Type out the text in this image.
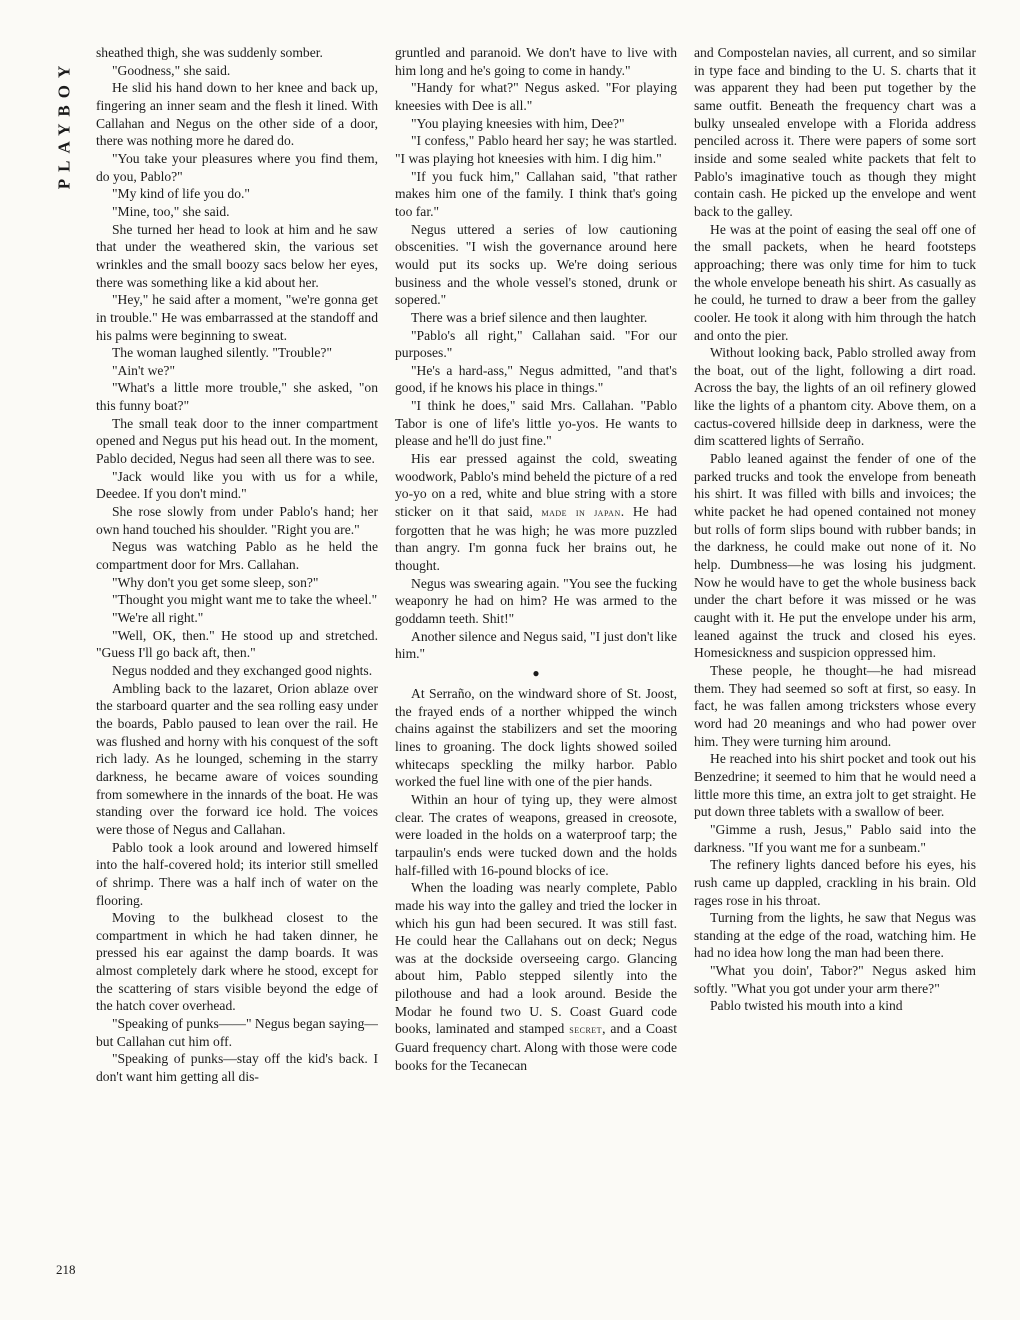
PLAYBOY
218

sheathed thigh, she was suddenly somber.

"Goodness," she said.

He slid his hand down to her knee and back up, fingering an inner seam and the flesh it lined. With Callahan and Negus on the other side of a door, there was nothing more he dared do.

"You take your pleasures where you find them, do you, Pablo?"

"My kind of life you do."

"Mine, too," she said.

She turned her head to look at him and he saw that under the weathered skin, the various set wrinkles and the small boozy sacs below her eyes, there was something like a kid about her.

"Hey," he said after a moment, "we're gonna get in trouble." He was embarrassed at the standoff and his palms were beginning to sweat.

The woman laughed silently. "Trouble?"

"Ain't we?"

"What's a little more trouble," she asked, "on this funny boat?"

The small teak door to the inner compartment opened and Negus put his head out. In the moment, Pablo decided, Negus had seen all there was to see.

"Jack would like you with us for a while, Deedee. If you don't mind."

She rose slowly from under Pablo's hand; her own hand touched his shoulder. "Right you are."

Negus was watching Pablo as he held the compartment door for Mrs. Callahan.

"Why don't you get some sleep, son?"

"Thought you might want me to take the wheel."

"We're all right."

"Well, OK, then." He stood up and stretched. "Guess I'll go back aft, then."

Negus nodded and they exchanged good nights.

Ambling back to the lazaret, Orion ablaze over the starboard quarter and the sea rolling easy under the boards, Pablo paused to lean over the rail. He was flushed and horny with his conquest of the soft rich lady. As he lounged, scheming in the starry darkness, he became aware of voices sounding from somewhere in the innards of the boat. He was standing over the forward ice hold. The voices were those of Negus and Callahan.

Pablo took a look around and lowered himself into the half-covered hold; its interior still smelled of shrimp. There was a half inch of water on the flooring.

Moving to the bulkhead closest to the compartment in which he had taken dinner, he pressed his ear against the damp boards. It was almost completely dark where he stood, except for the scattering of stars visible beyond the edge of the hatch cover overhead.

"Speaking of punks——" Negus began saying—but Callahan cut him off.

"Speaking of punks—stay off the kid's back. I don't want him getting all dis-

gruntled and paranoid. We don't have to live with him long and he's going to come in handy."

"Handy for what?" Negus asked. "For playing kneesies with Dee is all."

"You playing kneesies with him, Dee?"

"I confess," Pablo heard her say; he was startled. "I was playing hot kneesies with him. I dig him."

"If you fuck him," Callahan said, "that rather makes him one of the family. I think that's going too far."

Negus uttered a series of low cautioning obscenities. "I wish the governance around here would put its socks up. We're doing serious business and the whole vessel's stoned, drunk or sopered."

There was a brief silence and then laughter.

"Pablo's all right," Callahan said. "For our purposes."

"He's a hard-ass," Negus admitted, "and that's good, if he knows his place in things."

"I think he does," said Mrs. Callahan. "Pablo Tabor is one of life's little yo-yos. He wants to please and he'll do just fine."

His ear pressed against the cold, sweating woodwork, Pablo's mind beheld the picture of a red yo-yo on a red, white and blue string with a store sticker on it that said, made in japan. He had forgotten that he was high; he was more puzzled than angry. I'm gonna fuck her brains out, he thought.

Negus was swearing again. "You see the fucking weaponry he had on him? He was armed to the goddamn teeth. Shit!"

Another silence and Negus said, "I just don't like him."

●

At Serraño, on the windward shore of St. Joost, the frayed ends of a norther whipped the winch chains against the stabilizers and set the mooring lines to groaning. The dock lights showed soiled whitecaps speckling the milky harbor. Pablo worked the fuel line with one of the pier hands.

Within an hour of tying up, they were almost clear. The crates of weapons, greased in creosote, were loaded in the holds on a waterproof tarp; the tarpaulin's ends were tucked down and the holds half-filled with 16-pound blocks of ice.

When the loading was nearly complete, Pablo made his way into the galley and tried the locker in which his gun had been secured. It was still fast. He could hear the Callahans out on deck; Negus was at the dockside overseeing cargo. Glancing about him, Pablo stepped silently into the pilothouse and had a look around. Beside the Modar he found two U. S. Coast Guard code books, laminated and stamped secret, and a Coast Guard frequency chart. Along with those were code books for the Tecanecan

and Compostelan navies, all current, and so similar in type face and binding to the U. S. charts that it was apparent they had been put together by the same outfit. Beneath the frequency chart was a bulky unsealed envelope with a Florida address penciled across it. There were papers of some sort inside and some sealed white packets that felt to Pablo's imaginative touch as though they might contain cash. He picked up the envelope and went back to the galley.

He was at the point of easing the seal off one of the small packets, when he heard footsteps approaching; there was only time for him to tuck the whole envelope beneath his shirt. As casually as he could, he turned to draw a beer from the galley cooler. He took it along with him through the hatch and onto the pier.

Without looking back, Pablo strolled away from the boat, out of the light, following a dirt road. Across the bay, the lights of an oil refinery glowed like the lights of a phantom city. Above them, on a cactus-covered hillside deep in darkness, were the dim scattered lights of Serraño.

Pablo leaned against the fender of one of the parked trucks and took the envelope from beneath his shirt. It was filled with bills and invoices; the white packet he had opened contained not money but rolls of form slips bound with rubber bands; in the darkness, he could make out none of it. No help. Dumbness—he was losing his judgment. Now he would have to get the whole business back under the chart before it was missed or he was caught with it. He put the envelope under his arm, leaned against the truck and closed his eyes. Homesickness and suspicion oppressed him.

These people, he thought—he had misread them. They had seemed so soft at first, so easy. In fact, he was fallen among tricksters whose every word had 20 meanings and who had power over him. They were turning him around.

He reached into his shirt pocket and took out his Benzedrine; it seemed to him that he would need a little more this time, an extra jolt to get straight. He put down three tablets with a swallow of beer.

"Gimme a rush, Jesus," Pablo said into the darkness. "If you want me for a sunbeam."

The refinery lights danced before his eyes, his rush came up dappled, crackling in his brain. Old rages rose in his throat.

Turning from the lights, he saw that Negus was standing at the edge of the road, watching him. He had no idea how long the man had been there.

"What you doin', Tabor?" Negus asked him softly. "What you got under your arm there?"

Pablo twisted his mouth into a kind
